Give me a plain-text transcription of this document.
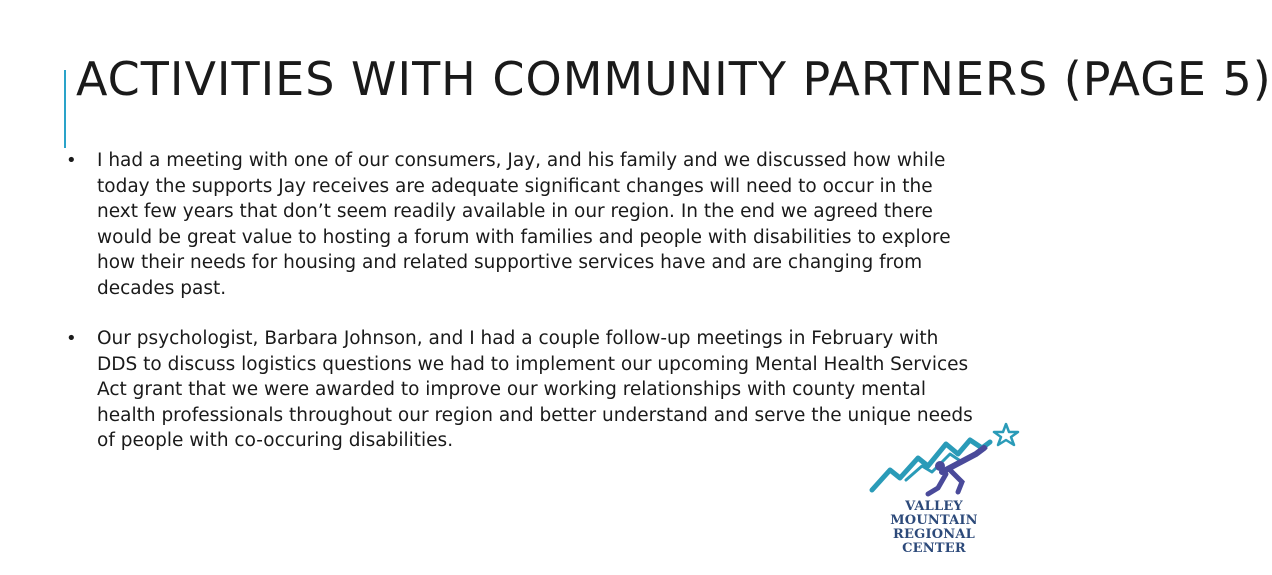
ACTIVITIES WITH COMMUNITY PARTNERS (PAGE 5)
• I had a meeting with one of our consumers, Jay, and his family and we discussed how while today the supports Jay receives are adequate significant changes will need to occur in the next few years that don’t seem readily available in our region. In the end we agreed there would be great value to hosting a forum with families and people with disabilities to explore how their needs for housing and related supportive services have and are changing from decades past.
• Our psychologist, Barbara Johnson, and I had a couple follow-up meetings in February with DDS to discuss logistics questions we had to implement our upcoming Mental Health Services Act grant that we were awarded to improve our working relationships with county mental health professionals throughout our region and better understand and serve the unique needs of people with co-occuring disabilities.
VALLEY
MOUNTAIN
REGIONAL
CENTER
